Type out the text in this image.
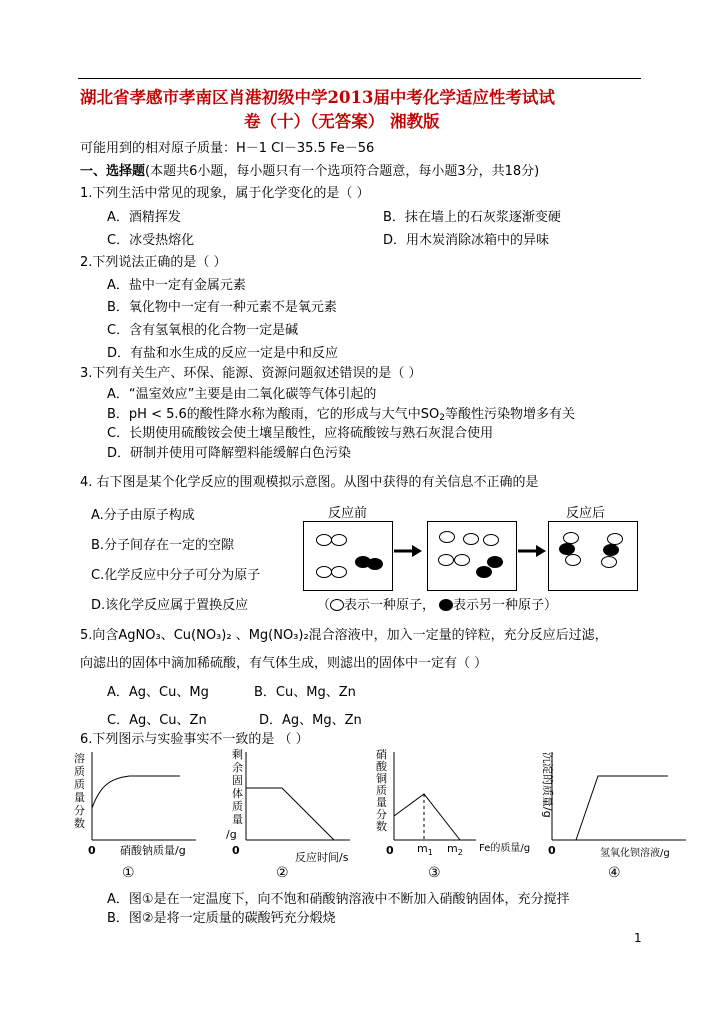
湖北省孝感市孝南区肖港初级中学2013届中考化学适应性考试试
卷（十）（无答案） 湘教版
可能用到的相对原子质量：H－1 Cl－35.5 Fe－56
一、选择题(本题共6小题，每小题只有一个选项符合题意，每小题3分，共18分)
1.下列生活中常见的现象，属于化学变化的是（ ）
A．酒精挥发	B．抹在墙上的石灰浆逐渐变硬
C．冰受热熔化	D．用木炭消除冰箱中的异味
2.下列说法正确的是（ ）
A．盐中一定有金属元素
B．氧化物中一定有一种元素不是氧元素
C．含有氢氧根的化合物一定是碱
D．有盐和水生成的反应一定是中和反应
3.下列有关生产、环保、能源、资源问题叙述错误的是（ ）
A．“温室效应”主要是由二氧化碳等气体引起的
B．pH < 5.6的酸性降水称为酸雨，它的形成与大气中$SO_2$等酸性污染物增多有关
C．长期使用硫酸铵会使土壤呈酸性，应将硫酸铵与熟石灰混合使用
D．研制并使用可降解塑料能缓解白色污染
4. 右下图是某个化学反应的围观模拟示意图。从图中获得的有关信息不正确的是
A.分子由原子构成
B.分子间存在一定的空隙
C.化学反应中分子可分为原子
D.该化学反应属于置换反应
反应前	反应后
（ 表示一种原子， 表示另一种原子）
5.向含AgNO₃、Cu(NO₃)₂ 、Mg(NO₃)₂混合溶液中，加入一定量的锌粒，充分反应后过滤，
向滤出的固体中滴加稀硫酸，有气体生成，则滤出的固体中一定有（ ）
A．Ag、Cu、Mg	B．Cu、Mg、Zn
C．Ag、Cu、Zn	D．Ag、Mg、Zn
6.下列图示与实验事实不一致的是 （ ）
溶
质
质
量
分
数
0 硝酸钠质量/g
①
剩
余
固
体
质
量
/g
0
反应时间/s
②
硝
酸
铜
质
量
分
数
0 $m_1$ $m_2$ Fe的质量/g
③
沉淀的质量/g
0	氢氧化钡溶液/g
④
A．图①是在一定温度下，向不饱和硝酸钠溶液中不断加入硝酸钠固体，充分搅拌
B．图②是将一定质量的碳酸钙充分煅烧
1
